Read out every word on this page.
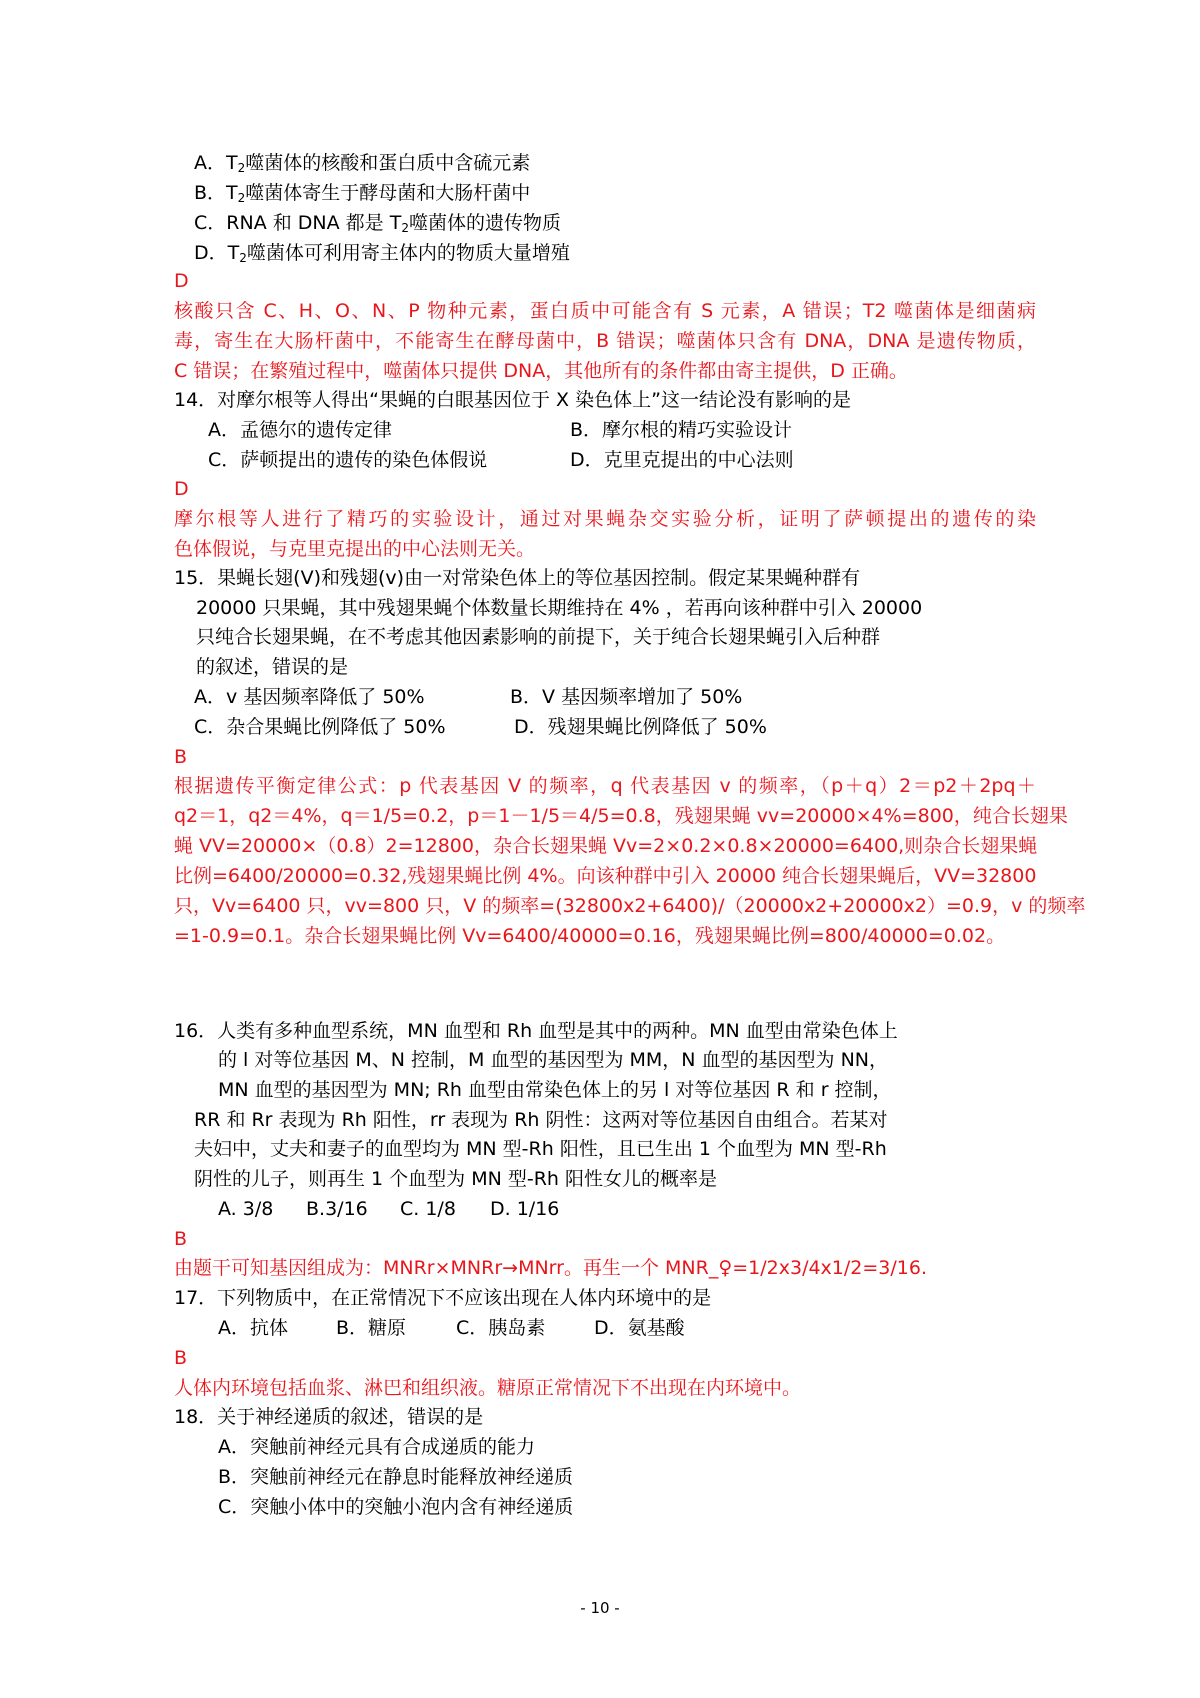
A．$T_2$噬菌体的核酸和蛋白质中含硫元素
B．$T_2$噬菌体寄生于酵母菌和大肠杆菌中
C．RNA 和 DNA 都是 $T_2$噬菌体的遗传物质
D．$T_2$噬菌体可利用寄主体内的物质大量增殖
D
核酸只含 C、H、O、N、P 物种元素，蛋白质中可能含有 S 元素，A 错误；T2 噬菌体是细菌病
毒，寄生在大肠杆菌中，不能寄生在酵母菌中，B 错误；噬菌体只含有 DNA，DNA 是遗传物质，
C 错误；在繁殖过程中，噬菌体只提供 DNA，其他所有的条件都由寄主提供，D 正确。
14．对摩尔根等人得出“果蝇的白眼基因位于 X 染色体上”这一结论没有影响的是
A．孟德尔的遗传定律	B．摩尔根的精巧实验设计
C．萨顿提出的遗传的染色体假说	D．克里克提出的中心法则
D
摩尔根等人进行了精巧的实验设计，通过对果蝇杂交实验分析，证明了萨顿提出的遗传的染
色体假说，与克里克提出的中心法则无关。
15．果蝇长翅(V)和残翅(v)由一对常染色体上的等位基因控制。假定某果蝇种群有
20000 只果蝇，其中残翅果蝇个体数量长期维持在 4% ，若再向该种群中引入 20000
只纯合长翅果蝇，在不考虑其他因素影响的前提下，关于纯合长翅果蝇引入后种群
的叙述，错误的是
A．v 基因频率降低了 50%	B．V 基因频率增加了 50%
C．杂合果蝇比例降低了 50%	D．残翅果蝇比例降低了 50%
B
根据遗传平衡定律公式：p 代表基因 V 的频率，q 代表基因 v 的频率，（p＋q）2＝p2＋2pq＋
q2＝1，q2＝4%，q＝1/5=0.2，p＝1－1/5＝4/5=0.8，残翅果蝇 vv=20000×4%=800，纯合长翅果
蝇 VV=20000×（0.8）2=12800，杂合长翅果蝇 Vv=2×0.2×0.8×20000=6400,则杂合长翅果蝇
比例=6400/20000=0.32,残翅果蝇比例 4%。向该种群中引入 20000 纯合长翅果蝇后，VV=32800
只，Vv=6400 只，vv=800 只，V 的频率=(32800x2+6400)/（20000x2+20000x2）=0.9，v 的频率
=1-0.9=0.1。杂合长翅果蝇比例 Vv=6400/40000=0.16，残翅果蝇比例=800/40000=0.02。
16．人类有多种血型系统，MN 血型和 Rh 血型是其中的两种。MN 血型由常染色体上
的 l 对等位基因 M、N 控制，M 血型的基因型为 MM，N 血型的基因型为 NN，
MN 血型的基因型为 MN; Rh 血型由常染色体上的另 l 对等位基因 R 和 r 控制，
RR 和 Rr 表现为 Rh 阳性，rr 表现为 Rh 阴性：这两对等位基因自由组合。若某对
夫妇中，丈夫和妻子的血型均为 MN 型-Rh 阳性，且已生出 1 个血型为 MN 型-Rh
阴性的儿子，则再生 1 个血型为 MN 型-Rh 阳性女儿的概率是
A. 3/8 B.3/16 C. 1/8 D. 1/16
B
由题干可知基因组成为：MNRr×MNRr→MNrr。再生一个 MNR_♀=1/2x3/4x1/2=3/16.
17．下列物质中，在正常情况下不应该出现在人体内环境中的是
A．抗体	B．糖原	C．胰岛素	D．氨基酸
B
人体内环境包括血浆、淋巴和组织液。糖原正常情况下不出现在内环境中。
18．关于神经递质的叙述，错误的是
A．突触前神经元具有合成递质的能力
B．突触前神经元在静息时能释放神经递质
C．突触小体中的突触小泡内含有神经递质
- 10 -
